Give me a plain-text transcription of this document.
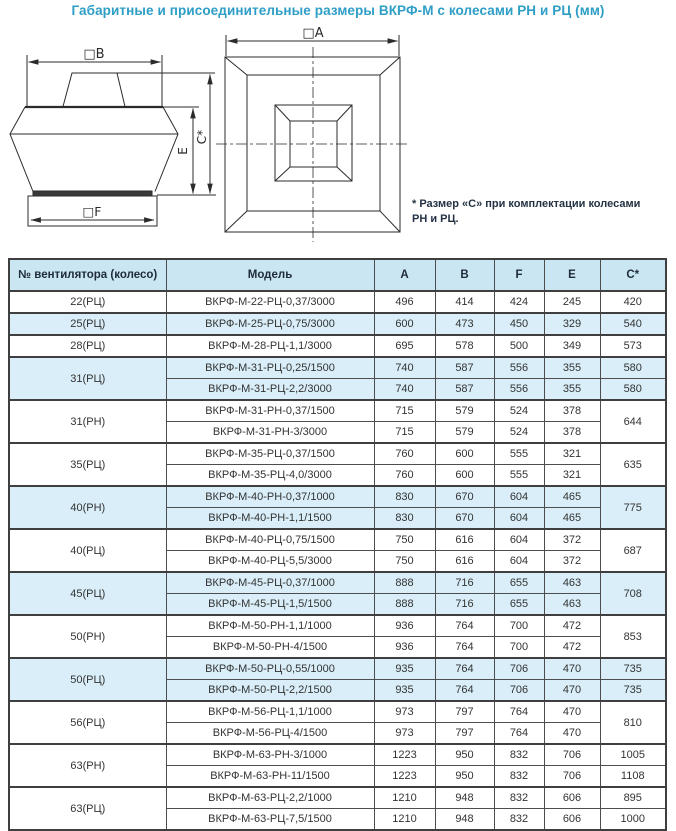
Габаритные и присоединительные размеры ВКРФ-М с колесами РН и РЦ (мм)
□B
□F
E
C*
□A
* Размер «С» при комплектации колесами РН и РЦ.
№ вентилятора (колесо)	Модель	A	B	F	E	C*
22(РЦ)	ВКРФ-М-22-РЦ-0,37/3000	496	414	424	245	420
25(РЦ)	ВКРФ-М-25-РЦ-0,75/3000	600	473	450	329	540
28(РЦ)	ВКРФ-М-28-РЦ-1,1/3000	695	578	500	349	573
31(РЦ)	ВКРФ-М-31-РЦ-0,25/1500	740	587	556	355	580
	ВКРФ-М-31-РЦ-2,2/3000	740	587	556	355	580
31(РН)	ВКРФ-М-31-РН-0,37/1500	715	579	524	378	644
	ВКРФ-М-31-РН-3/3000	715	579	524	378	
35(РЦ)	ВКРФ-М-35-РЦ-0,37/1500	760	600	555	321	635
	ВКРФ-М-35-РЦ-4,0/3000	760	600	555	321	
40(РН)	ВКРФ-М-40-РН-0,37/1000	830	670	604	465	775
	ВКРФ-М-40-РН-1,1/1500	830	670	604	465	
40(РЦ)	ВКРФ-М-40-РЦ-0,75/1500	750	616	604	372	687
	ВКРФ-М-40-РЦ-5,5/3000	750	616	604	372	
45(РЦ)	ВКРФ-М-45-РЦ-0,37/1000	888	716	655	463	708
	ВКРФ-М-45-РЦ-1,5/1500	888	716	655	463	
50(РН)	ВКРФ-М-50-РН-1,1/1000	936	764	700	472	853
	ВКРФ-М-50-РН-4/1500	936	764	700	472	
50(РЦ)	ВКРФ-М-50-РЦ-0,55/1000	935	764	706	470	735
	ВКРФ-М-50-РЦ-2,2/1500	935	764	706	470	735
56(РЦ)	ВКРФ-М-56-РЦ-1,1/1000	973	797	764	470	810
	ВКРФ-М-56-РЦ-4/1500	973	797	764	470	
63(РН)	ВКРФ-М-63-РН-3/1000	1223	950	832	706	1005
	ВКРФ-М-63-РН-11/1500	1223	950	832	706	1108
63(РЦ)	ВКРФ-М-63-РЦ-2,2/1000	1210	948	832	606	895
	ВКРФ-М-63-РЦ-7,5/1500	1210	948	832	606	1000
